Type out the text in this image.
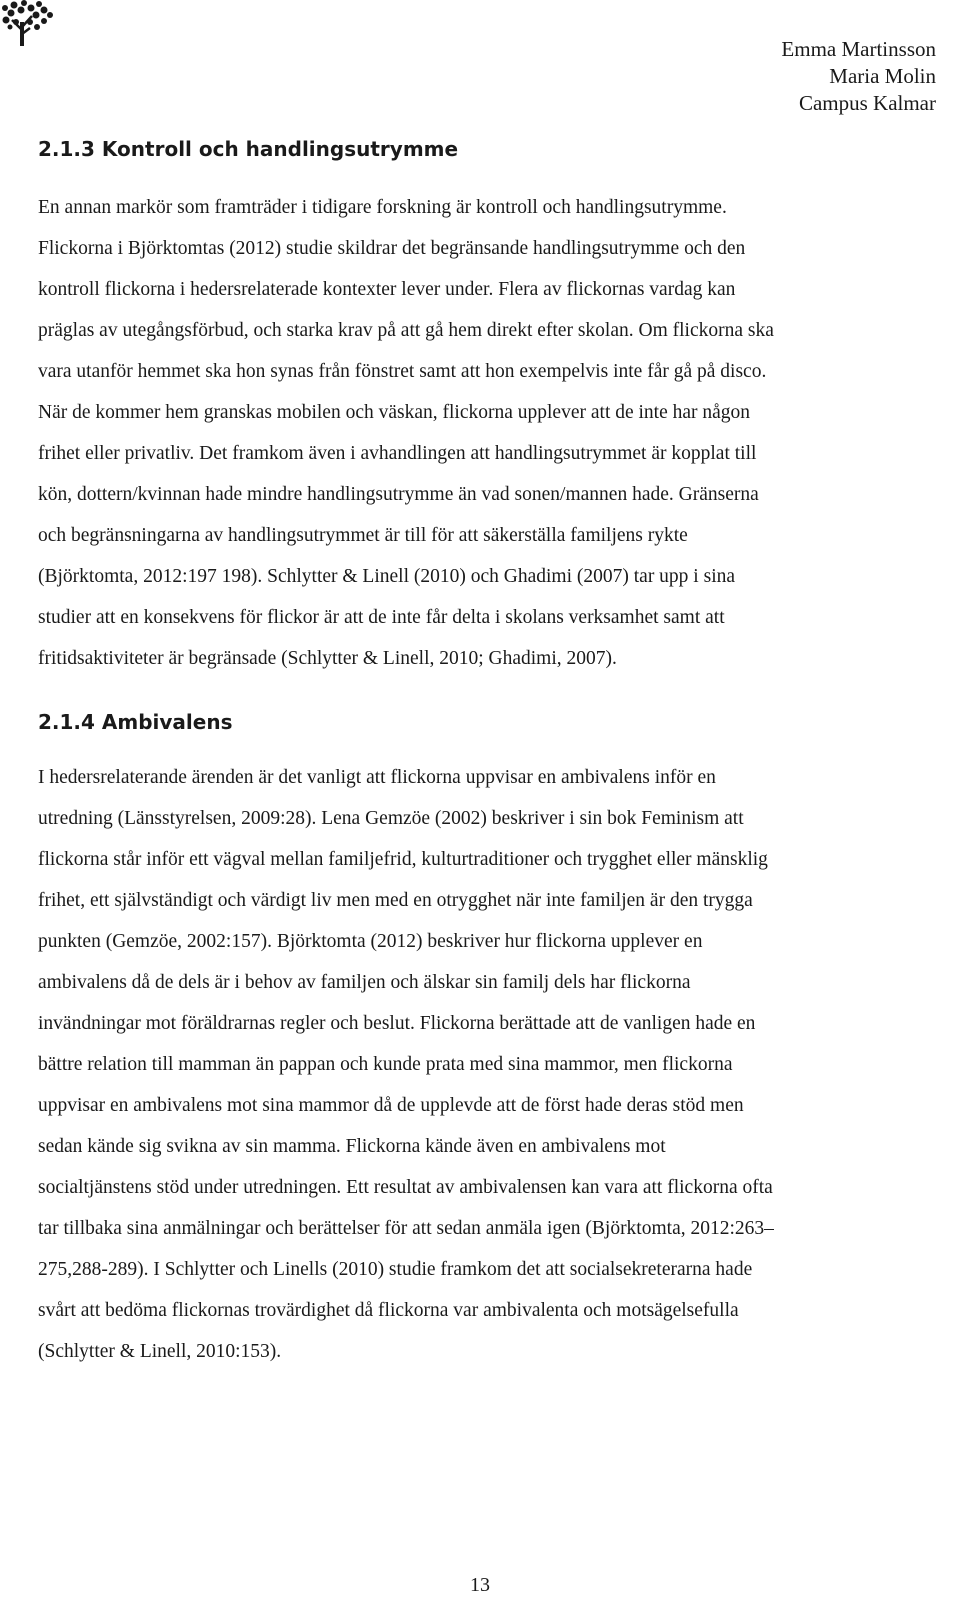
Emma Martinsson
Maria Molin
Campus Kalmar
2.1.3 Kontroll och handlingsutrymme
En annan markör som framträder i tidigare forskning är kontroll och handlingsutrymme.
Flickorna i Björktomtas (2012) studie skildrar det begränsande handlingsutrymme och den
kontroll flickorna i hedersrelaterade kontexter lever under. Flera av flickornas vardag kan
präglas av utegångsförbud, och starka krav på att gå hem direkt efter skolan. Om flickorna ska
vara utanför hemmet ska hon synas från fönstret samt att hon exempelvis inte får gå på disco.
När de kommer hem granskas mobilen och väskan, flickorna upplever att de inte har någon
frihet eller privatliv. Det framkom även i avhandlingen att handlingsutrymmet är kopplat till
kön, dottern/kvinnan hade mindre handlingsutrymme än vad sonen/mannen hade. Gränserna
och begränsningarna av handlingsutrymmet är till för att säkerställa familjens rykte
(Björktomta, 2012:197 198). Schlytter & Linell (2010) och Ghadimi (2007) tar upp i sina
studier att en konsekvens för flickor är att de inte får delta i skolans verksamhet samt att
fritidsaktiviteter är begränsade (Schlytter & Linell, 2010; Ghadimi, 2007).
2.1.4 Ambivalens
I hedersrelaterande ärenden är det vanligt att flickorna uppvisar en ambivalens inför en
utredning (Länsstyrelsen, 2009:28). Lena Gemzöe (2002) beskriver i sin bok Feminism att
flickorna står inför ett vägval mellan familjefrid, kulturtraditioner och trygghet eller mänsklig
frihet, ett självständigt och värdigt liv men med en otrygghet när inte familjen är den trygga
punkten (Gemzöe, 2002:157). Björktomta (2012) beskriver hur flickorna upplever en
ambivalens då de dels är i behov av familjen och älskar sin familj dels har flickorna
invändningar mot föräldrarnas regler och beslut. Flickorna berättade att de vanligen hade en
bättre relation till mamman än pappan och kunde prata med sina mammor, men flickorna
uppvisar en ambivalens mot sina mammor då de upplevde att de först hade deras stöd men
sedan kände sig svikna av sin mamma. Flickorna kände även en ambivalens mot
socialtjänstens stöd under utredningen. Ett resultat av ambivalensen kan vara att flickorna ofta
tar tillbaka sina anmälningar och berättelser för att sedan anmäla igen (Björktomta, 2012:263–
275,288-289). I Schlytter och Linells (2010) studie framkom det att socialsekreterarna hade
svårt att bedöma flickornas trovärdighet då flickorna var ambivalenta och motsägelsefulla
(Schlytter & Linell, 2010:153).
13
